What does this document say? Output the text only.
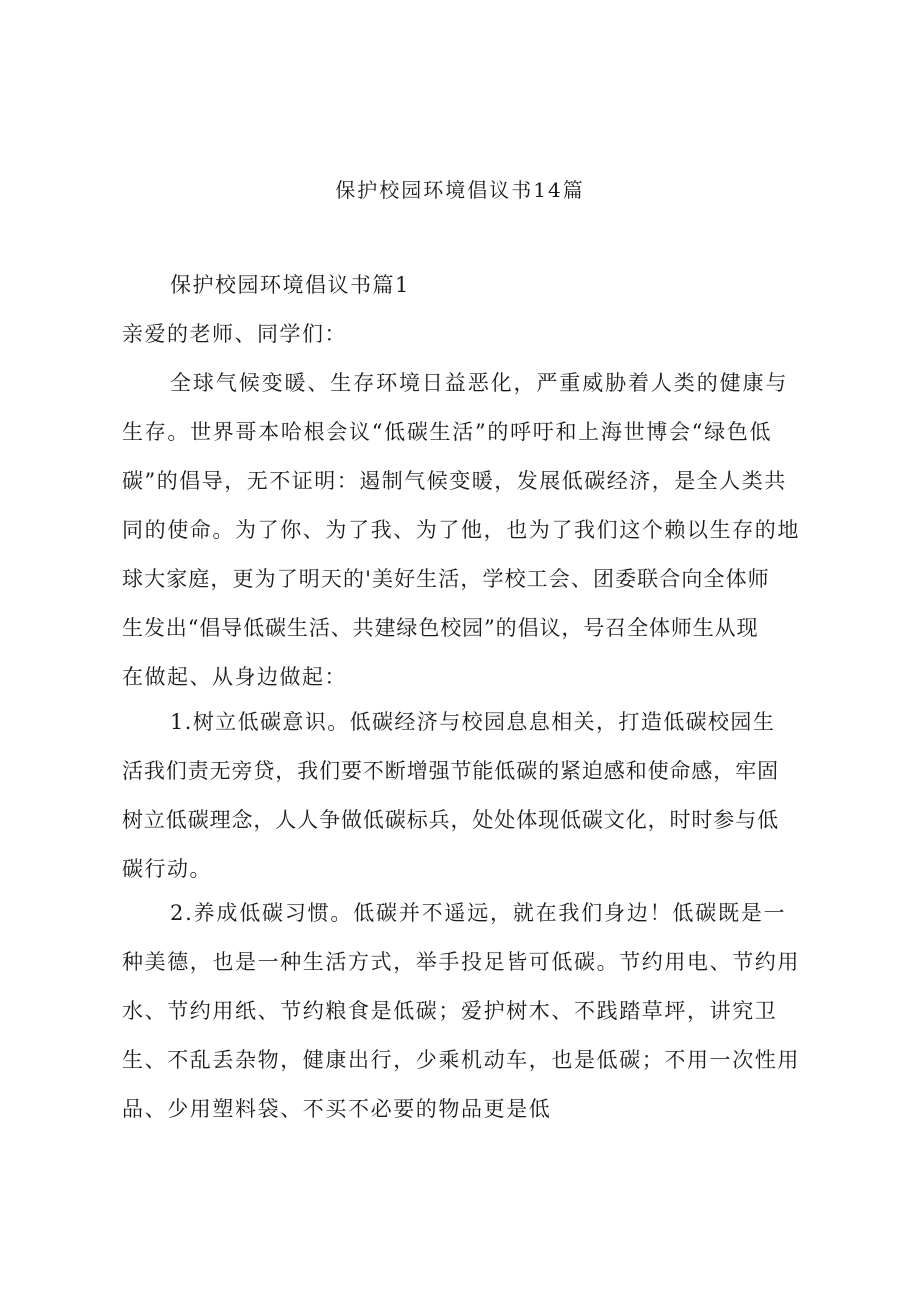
保护校园环境倡议书14篇
保护校园环境倡议书篇1
亲爱的老师、同学们：
全球气候变暖、生存环境日益恶化，严重威胁着人类的健康与
生存。世界哥本哈根会议“低碳生活”的呼吁和上海世博会“绿色低
碳”的倡导，无不证明：遏制气候变暖，发展低碳经济，是全人类共
同的使命。为了你、为了我、为了他，也为了我们这个赖以生存的地
球大家庭，更为了明天的'美好生活，学校工会、团委联合向全体师
生发出“倡导低碳生活、共建绿色校园”的倡议，号召全体师生从现
在做起、从身边做起：
1.树立低碳意识。低碳经济与校园息息相关，打造低碳校园生
活我们责无旁贷，我们要不断增强节能低碳的紧迫感和使命感，牢固
树立低碳理念，人人争做低碳标兵，处处体现低碳文化，时时参与低
碳行动。
2.养成低碳习惯。低碳并不遥远，就在我们身边！低碳既是一
种美德，也是一种生活方式，举手投足皆可低碳。节约用电、节约用
水、节约用纸、节约粮食是低碳；爱护树木、不践踏草坪，讲究卫
生、不乱丢杂物，健康出行，少乘机动车，也是低碳；不用一次性用
品、少用塑料袋、不买不必要的物品更是低
